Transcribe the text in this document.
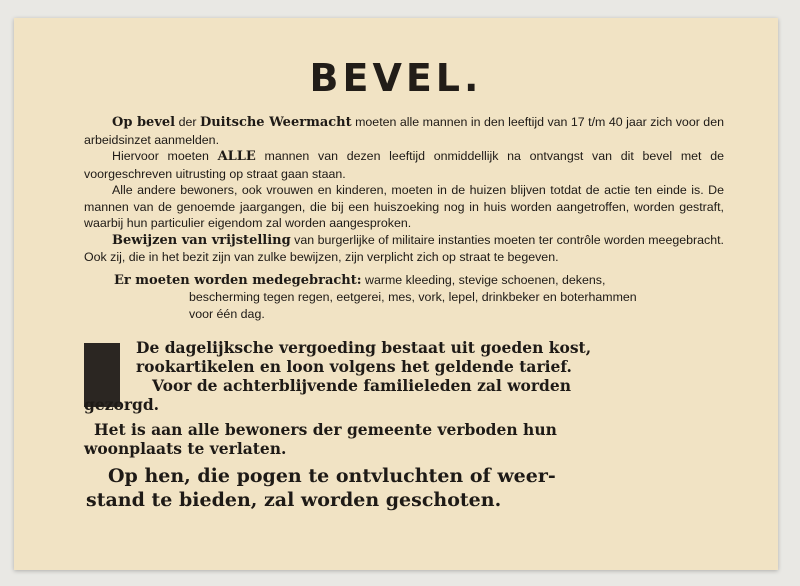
BEVEL.

Op bevel der Duitsche Weermacht moeten alle mannen in den leeftijd van 17 t/m 40 jaar zich voor den arbeidsinzet aanmelden.

Hiervoor moeten ALLE mannen van dezen leeftijd onmiddellijk na ontvangst van dit bevel met de voorgeschreven uitrusting op straat gaan staan.

Alle andere bewoners, ook vrouwen en kinderen, moeten in de huizen blijven totdat de actie ten einde is. De mannen van de genoemde jaargangen, die bij een huiszoeking nog in huis worden aangetroffen, worden gestraft, waarbij hun particulier eigendom zal worden aangesproken.

Bewijzen van vrijstelling van burgerlijke of militaire instanties moeten ter contrôle worden meegebracht. Ook zij, die in het bezit zijn van zulke bewijzen, zijn verplicht zich op straat te begeven.

Er moeten worden medegebracht: warme kleeding, stevige schoenen, dekens,
bescherming tegen regen, eetgerei, mes, vork, lepel, drinkbeker en boterhammen
voor één dag.
De dagelijksche vergoeding bestaat uit goeden kost,
rookartikelen en loon volgens het geldende tarief.
Voor de achterblijvende familieleden zal worden
gezorgd.
Het is aan alle bewoners der gemeente verboden hun
woonplaats te verlaten.
Op hen, die pogen te ontvluchten of weer-
stand te bieden, zal worden geschoten.
